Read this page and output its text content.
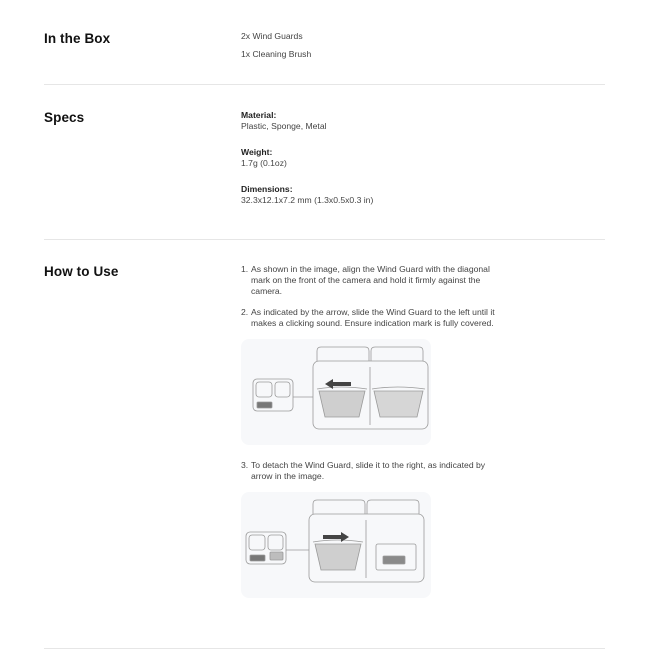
In the Box	2x Wind Guards
1x Cleaning Brush
Specs	Material:
Plastic, Sponge, Metal
Weight:
1.7g (0.1oz)
Dimensions:
32.3x12.1x7.2 mm (1.3x0.5x0.3 in)
How to Use	1. As shown in the image, align the Wind Guard with the diagonal mark on the front of the camera and hold it firmly against the camera.
2. As indicated by the arrow, slide the Wind Guard to the left until it makes a clicking sound. Ensure indication mark is fully covered.
3. To detach the Wind Guard, slide it to the right, as indicated by arrow in the image.
